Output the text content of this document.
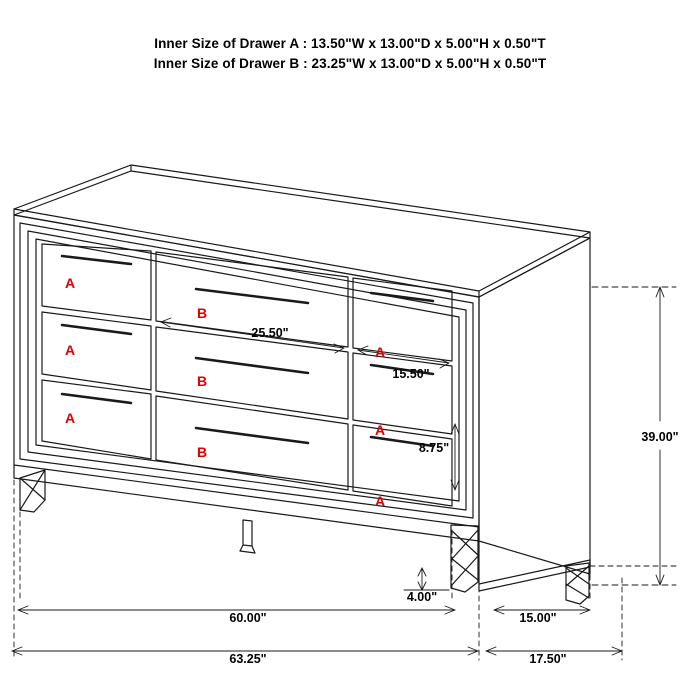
Inner Size of Drawer A : 13.50"W x 13.00"D x 5.00"H x 0.50"T
Inner Size of Drawer B : 23.25"W x 13.00"D x 5.00"H x 0.50"T
A
A
A
B
B
B
A
A
A
25.50"
15.50"
8.75"
4.00"
39.00"
60.00"	15.00"
63.25"	17.50"
